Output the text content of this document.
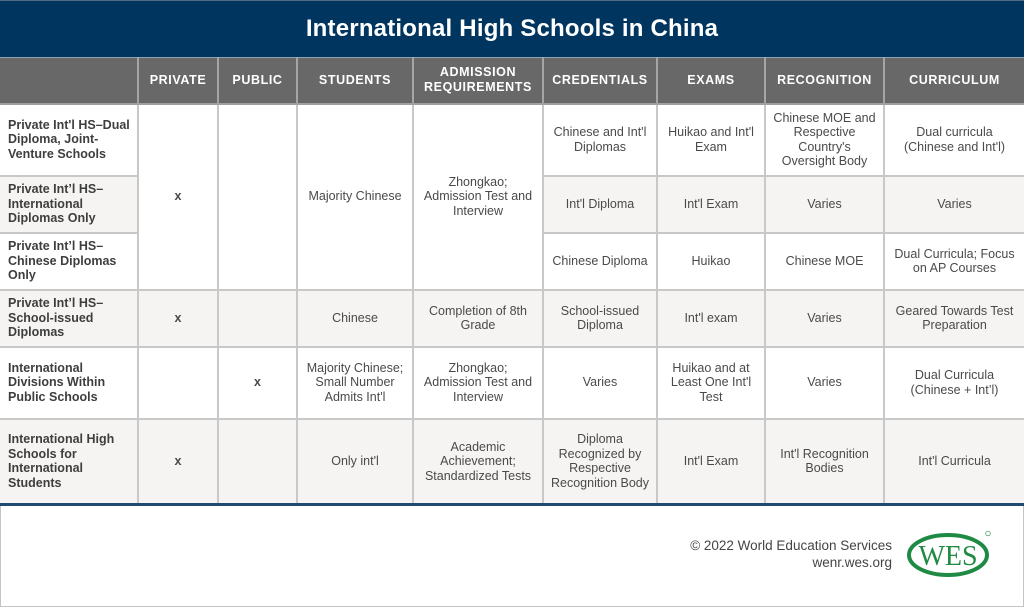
International High Schools in China
	PRIVATE	PUBLIC	STUDENTS	ADMISSION REQUIREMENTS	CREDENTIALS	EXAMS	RECOGNITION	CURRICULUM
Private Int'l HS–Dual Diploma, Joint-Venture Schools	x		Majority Chinese	Zhongkao; Admission Test and Interview	Chinese and Int'l Diplomas	Huikao and Int'l Exam	Chinese MOE and Respective Country's Oversight Body	Dual curricula (Chinese and Int'l)
Private Int’l HS– International Diplomas Only					Int'l Diploma	Int'l Exam	Varies	Varies
Private Int’l HS– Chinese Diplomas Only					Chinese Diploma	Huikao	Chinese MOE	Dual Curricula; Focus on AP Courses
Private Int’l HS– School-issued Diplomas	x		Chinese	Completion of 8th Grade	School-issued Diploma	Int'l exam	Varies	Geared Towards Test Preparation
International Divisions Within Public Schools		x	Majority Chinese; Small Number Admits Int'l	Zhongkao; Admission Test and Interview	Varies	Huikao and at Least One Int'l Test	Varies	Dual Curricula (Chinese + Int’l)
International High Schools for International Students	x		Only int'l	Academic Achievement; Standardized Tests	Diploma Recognized by Respective Recognition Body	Int'l Exam	Int'l Recognition Bodies	Int'l Curricula
© 2022 World Education Services
wenr.wes.org WES
